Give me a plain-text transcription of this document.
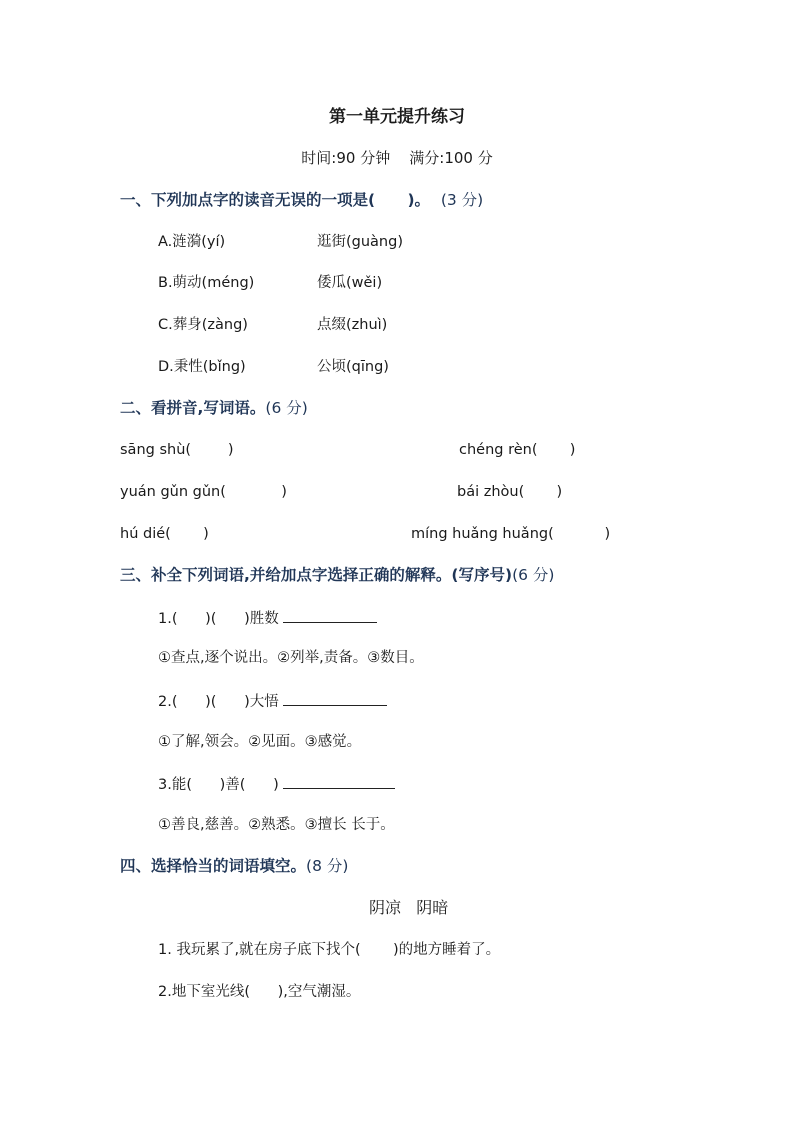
第一单元提升练习
时间:90 分钟    满分:100 分
一、下列加点字的读音无误的一项是(      )。 (3 分)
A.涟漪(yí)	逛街(guàng)
B.萌动(méng)	倭瓜(wěi)
C.葬身(zàng)	点缀(zhuì)
D.秉性(bǐng)	公顷(qīng)
二、看拼音,写词语。(6 分)
sāng shù(        )	chéng rèn(       )
yuán gǔn gǔn(            )	bái zhòu(       )
hú dié(       )	míng huǎng huǎng(           )
三、补全下列词语,并给加点字选择正确的解释。(写序号)(6 分)
1.(      )(      )胜数
①查点,逐个说出。②列举,责备。③数目。
2.(      )(      )大悟
①了解,领会。②见面。③感觉。
3.能(      )善(      )
①善良,慈善。②熟悉。③擅长 长于。
四、选择恰当的词语填空。(8 分)
阴凉   阴暗
1. 我玩累了,就在房子底下找个(       )的地方睡着了。
2.地下室光线(      ),空气潮湿。
